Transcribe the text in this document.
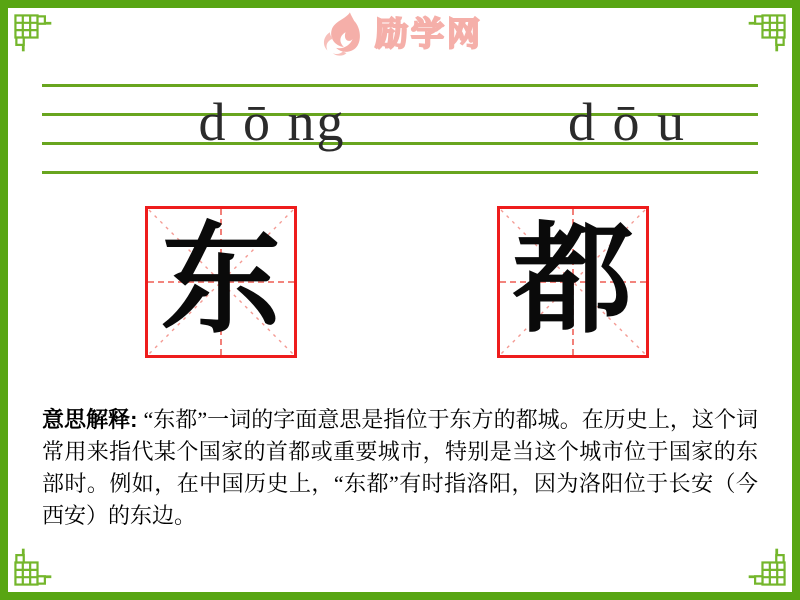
励学网
d ō ng	d ō u
东 都

意思解释: “东都”一词的字面意思是指位于东方的都城。在历史上，这个词常用来指代某个国家的首都或重要城市，特别是当这个城市位于国家的东部时。例如，在中国历史上，“东都”有时指洛阳，因为洛阳位于长安（今西安）的东边。
